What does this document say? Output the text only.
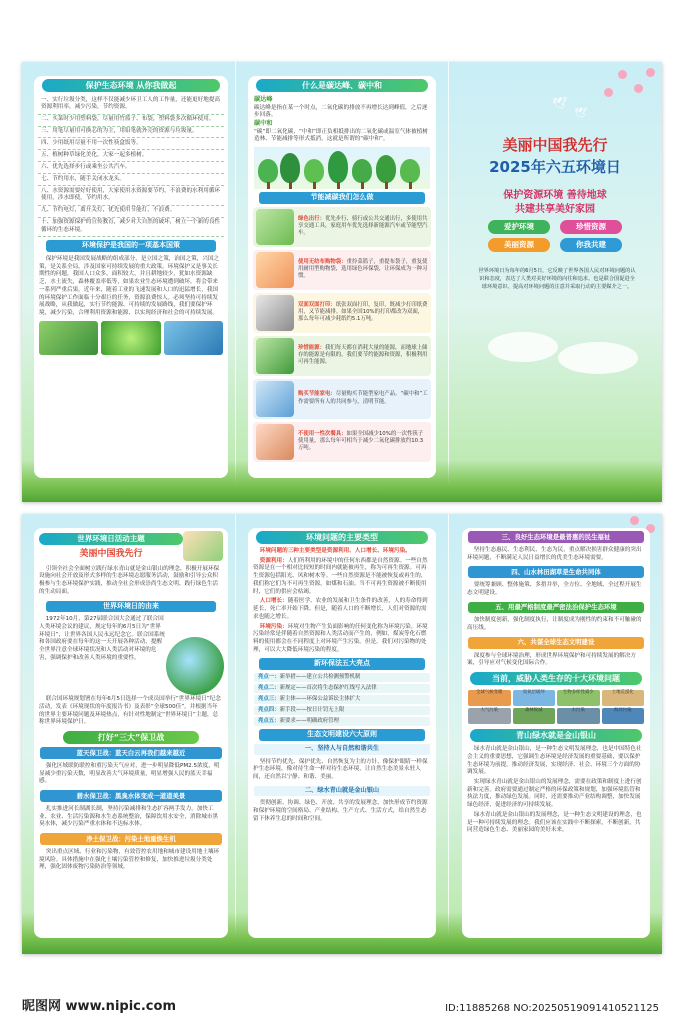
保护生态环境 从你我做起

一、实行垃圾分类，这样不仅能减少环卫工人的工作量，还能更好地提高资源利用率，减少污染，节约资源。

二、买菜时少用塑料袋，尽量用竹篮子、布袋，塑料袋多次循环使用。

三、用笔尽量用可换芯的为主，用铅笔就外壳的资源与垃圾量。

四、少用纸用尽量不用一次性筷盒饭等。

五、植树种草绿化美化，大家一起多植树。

六、优先选择步行或乘坐公共汽车。

七、节约用水，随手关闭水龙头。

八、水资源需要好好使用，大家使用水资源要节约，不浪费的水利用循环使用，涉水即使，节约用水。

九、节约电灯，离开关灯，优先使用节能灯，不浪费。

十、加强资源保护的宣传教育，减少对大自然的破坏，树立一个新的良性循环的生态环境。

环境保护是我国的一项基本国策

保护环境是我国发展战略的组成部分，是立国之策，治国之策，兴国之策，是关系全局，涉及国家可持续发展的重大政策。环境保护又是事关长期性的问题，我国人口众多，面积较大，并且耕地较少，犹如水资源缺乏，水土流失，森林覆盖率低等，如果农业生态环境遭到破坏，将会带来一系列严重后果。近年来，随着工业的飞速发展和人口的迅猛增长，我国的环境保护工作面临十分艰巨的任务，资源浪费惊人。必须坚持可持续发展战略，从我做起，实行节约能源、可持续的发展路线，我们要保护环境，减少污染，合理利用资源和能源，以实现经济和社会的可持续发展。

什么是碳达峰、碳中和
碳达峰
碳达峰是指在某一个时点，二氧化碳的排放不再增长达到峰值，之后逐步回落。
碳中和
“碳”即二氧化碳，“中和”即正负相抵排出的二氧化碳或温室气体被植树造林、节能减排等形式抵消，这就是所谓的“碳中和”。
节能减碳我们怎么做
绿色出行：优先步行、骑行或公共交通出行，多使用共享交通工具，家庭用车优先选择新能源汽车或节能型汽车。
使用无纺布购物袋：重拎菜篮子，重提布袋子，重复使用耐用型购物袋，选用绿色环保袋，让环保成为一种习惯。
双面双面打印：纸张双面打印，复印，既减少打印纸费用，又节能减排。如果全国10%的打印都改为双面，那么每年可减少耗纸约5.1万吨。
珍惜能源：我们每天都在消耗大量的能源，而地球上储存的能源是有限的，我们要节约能源和资源，积极利用可再生能源。
购买节能家电：尽量购买节能型家电产品。“碳中和”工作需要所有人的共同参与，清明节能。
不使用一性次餐具：如果全国减少10%的一次性筷子使用量，那么每年可相当于减少二氧化碳排放约10.3万吨。
🕊
🕊
美丽中国我先行
2025年六五环境日
保护资源环境 善待地球
共建共享美好家园
爱护环境	珍惜资源
美丽资源	你我共建

世界环境日为每年的6月5日，它反映了世界各国人民对环境问题的认识和态度，表达了人类对美好环境的向往和追求。也是联合国促进全球环境意识、提高对环境问题的注意并采取行动的主要媒介之一。

世界环境日活动主题
美丽中国我先行

引领全社会全面树立践行绿水青山就是金山银山的理念，积极开展环保设施向社会开放及形式多样的生态环境志愿服务活动，鼓励和引导公众积极参与生态环境保护实践，推动全社会形成崇尚生态文明、践行绿色生活的生动局面。

世界环境日的由来

1972年10月，第27届联合国大会通过了联合国人类环境会议的建议，规定每年的6月5日为“世界环境日”，让世界各国人民永远纪念它。联合国系统和各国政府要在每年的这一天开展各种活动，提醒全世界注意全球环境状况和人类活动对环境的危害，强调保护和改善人类环境的重要性。

联合国环境规划署在每年6月5日选择一个成员国举行“世界环境日”纪念活动，发表《环境现状的年度报告书》及表彰“全球500佳”，并根据当年的世界主要环境问题及环境热点，有针对性地制定“世界环境日”主题，总称世界环境保护日。

打好“三大”保卫战
蓝天保卫战：蓝天白云再我们越来越近

强化区域联防联控和重污染天气应对，进一步明显降低PM2.5浓度，明显减少重污染天数，明显改善大气环境质量，明显增强人民的蓝天幸福感。

碧水保卫战：黑臭水体变成一道道美景

扎实推进河长制湖长制，坚持污染减排和生态扩容两手发力，加快工业、农业、生活污染源和水生态系统整治，保障饮用水安全，消除城市黑臭水体，减少污染严重水体和不达标水体。

净土保卫战：污染土地重焕生机

突出重点区域、行业和污染物，有效管控农用地和城市建设用地土壤环境风险。具体措施中在强化土壤污染管控和修复，加快推进垃圾分类处理，强化固体废物污染防治等领域。

环境问题的主要类型

环境问题的三种主要类型是资源利用、人口增长、环境污染。

资源利用：人们所利用的环境中的任何东西都是自然资源。一些自然资源是在一个相对比较短的时间内就能被再生，称为可再生资源。可再生资源包括阳光、风和树木等。一些自然资源是不能被恢复或再生的，我们称它们为不可再生资源，如煤和石油。当不可再生资源被不断使用时，它们的供应会枯竭。

人口增长：随着医学、农业的发展和卫生条件的改善，人的寿命得到延长，死亡率开始下降。但是，随着人口的不断增长，人们对资源的需求也随之增长。

环境污染：环境对生物产生负面影响的任何变化称为环境污染。环境污染经常是伴随着自然资源和人类活动而产生的，例如，煤炭等化石燃料的使用都会在不同程度上对环境产生污染。但是，我们对污染物的处理，可以大大降低环境污染的程度。

新环保法五大亮点
亮点一：新举措——建立公共检测预警机制
亮点二：新规定——首次将生态保护红线写入法律
亮点三：新主体——环保公益诉讼主体扩大
亮点四：新手段——按日计罚无上限
亮点五：新要求——明确政府管理
生态文明建设六大原则
一、坚持人与自然和谐共生

坚持节约优先、保护优先、自然恢复为主的方针，像保护眼睛一样保护生态环境，像对待生命一样对待生态环境，让自然生态美景永驻人间，还自然以宁静、和谐、美丽。

二、绿水青山就是金山银山

贯彻创新、协调、绿色、开放、共享的发展理念，加快形成节约资源和保护环境的空间格局、产业结构、生产方式、生活方式，给自然生态留下休养生息的时间和空间。

三、良好生态环境是最普惠的民生福祉

坚持生态惠民、生态利民、生态为民，重点解决损害群众健康的突出环境问题，不断满足人民日益增长的优美生态环境需要。

四、山水林田湖草是生命共同体

要统筹兼顾、整体施策、多措并举，全方位、全地域、全过程开展生态文明建设。

五、用最严格制度最严密法治保护生态环境

加快制度创新，强化制度执行，让制度成为刚性的约束和不可触碰的高压线。

六、共谋全球生态文明建设

深度参与全球环境治理，形成世界环境保护和可持续发展的解决方案，引导应对气候变化国际合作。

当前，威胁人类生存的十大环境问题
全球气候变暖	臭氧层破坏	生物多样性减少	土地荒漠化
大气污染	森林锐减	水污染	海洋污染
青山绿水就是金山银山

绿水青山就是金山银山，是一种生态文明发展理念，也是中国特色社会主义的重要思想，它强调生态环境是经济发展的重要基础，要以保护生态环境为前提，推动经济发展，实现经济、社会、环境三个方面的协调发展。

实现绿水青山就是金山银山的发展理念，需要在政策和制度上进行创新和完善。政府需要通过制定严格的环保政策和规划，加强环境监管和执法力度，推动绿色发展。同时，还需要推动产业结构调整，加快发展绿色经济，促进经济的可持续发展。

绿水青山就是金山银山的发展理念，是一种生态文明建设的理念，也是一种可持续发展的理念。我们应该在实践中不断探索，不断创新，共同营造绿色生态、美丽家园的美好未来。

昵图网 www.nipic.com	ID:11885268 NO:20250519091410521125
